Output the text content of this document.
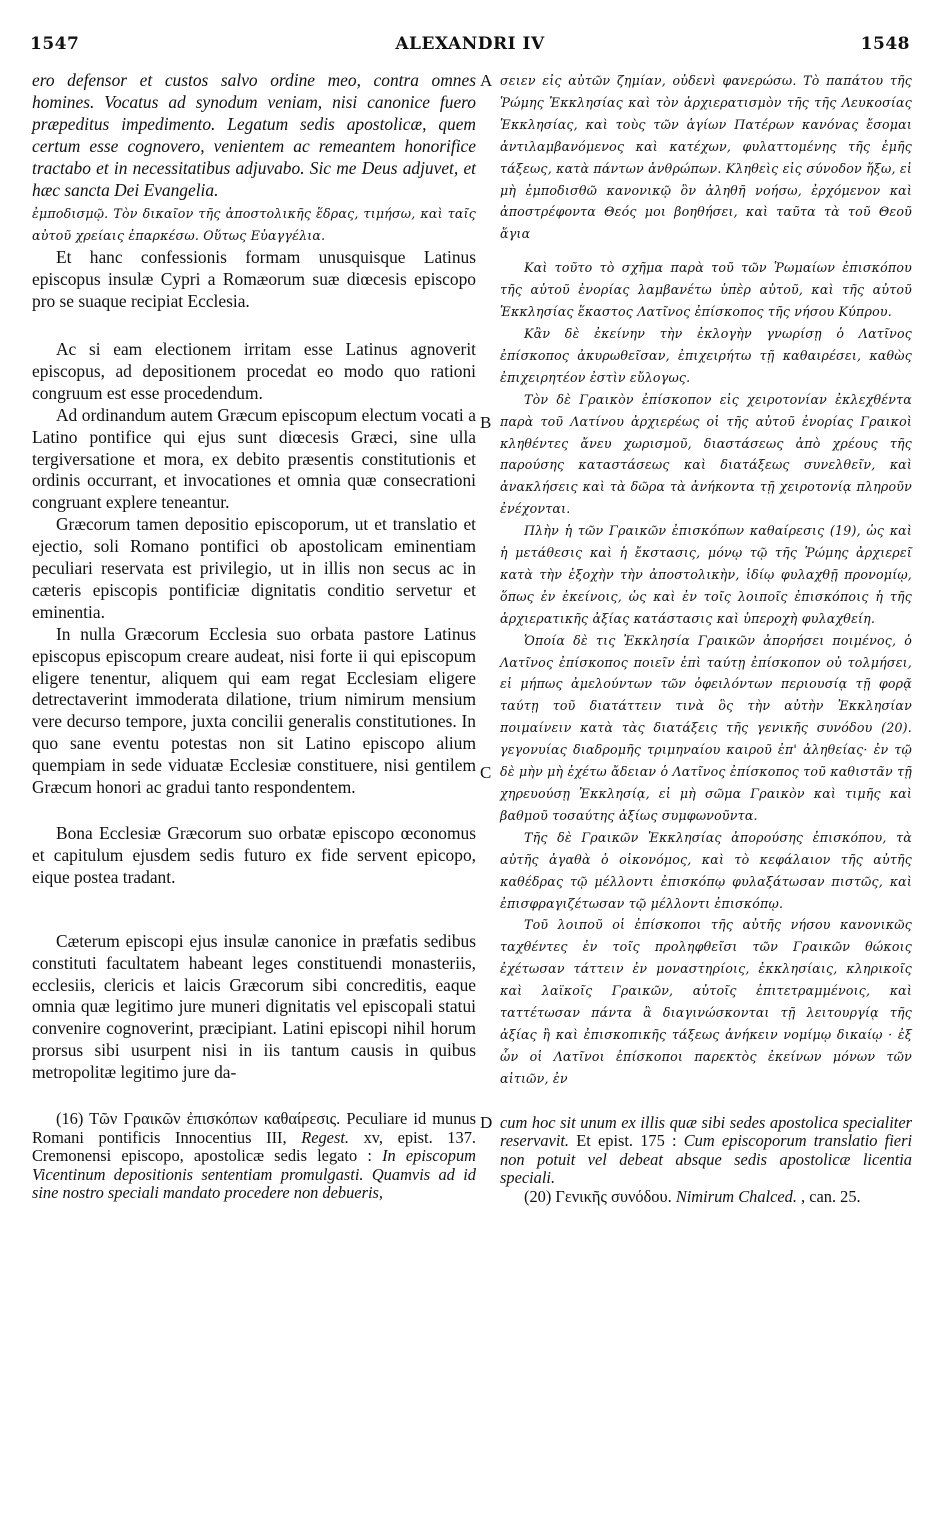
1547	ALEXANDRI IV	1548
A
B
C
D

ero defensor et custos salvo ordine meo, contra omnes homines. Vocatus ad synodum veniam, nisi canonice fuero præpeditus impedimento. Legatum sedis apostolicæ, quem certum esse cognovero, venientem ac remeantem honorifice tractabo et in necessitatibus adjuvabo. Sic me Deus adjuvet, et hæc sancta Dei Evangelia.

ἐμποδισμῷ. Τὸν δικαῖον τῆς ἀποστολικῆς ἕδρας, τιμήσω, καὶ ταῖς αὐτοῦ χρείαις ἐπαρκέσω. Οὕτως Εὐαγγέλια.

Et hanc confessionis formam unusquisque Latinus episcopus insulæ Cypri a Romæorum suæ diœcesis episcopo pro se suaque recipiat Ecclesia.

Ac si eam electionem irritam esse Latinus agnoverit episcopus, ad depositionem procedat eo modo quo rationi congruum est esse procedendum.

Ad ordinandum autem Græcum episcopum electum vocati a Latino pontifice qui ejus sunt diœcesis Græci, sine ulla tergiversatione et mora, ex debito præsentis constitutionis et ordinis occurrant, et invocationes et omnia quæ consecrationi congruant explere teneantur.

Græcorum tamen depositio episcoporum, ut et translatio et ejectio, soli Romano pontifici ob apostolicam eminentiam peculiari reservata est privilegio, ut in illis non secus ac in cæteris episcopis pontificiæ dignitatis conditio servetur et eminentia.

In nulla Græcorum Ecclesia suo orbata pastore Latinus episcopus episcopum creare audeat, nisi forte ii qui episcopum eligere tenentur, aliquem qui eam regat Ecclesiam eligere detrectaverint immoderata dilatione, trium nimirum mensium vere decurso tempore, juxta concilii generalis constitutiones. In quo sane eventu potestas non sit Latino episcopo alium quempiam in sede viduatæ Ecclesiæ constituere, nisi gentilem Græcum honori ac gradui tanto respondentem.

Bona Ecclesiæ Græcorum suo orbatæ episcopo œconomus et capitulum ejusdem sedis futuro ex fide servent epicopo, eique postea tradant.

Cæterum episcopi ejus insulæ canonice in præfatis sedibus constituti facultatem habeant leges constituendi monasteriis, ecclesiis, clericis et laicis Græcorum sibi concreditis, eaque omnia quæ legitimo jure muneri dignitatis vel episcopali statui convenire cognoverint, præcipiant. Latini episcopi nihil horum prorsus sibi usurpent nisi in iis tantum causis in quibus metropolitæ legitimo jure da-

(16) Τῶν Γραικῶν ἐπισκόπων καθαίρεσις. Peculiare id munus Romani pontificis Innocentius III, Regest. xv, epist. 137. Cremonensi episcopo, apostolicæ sedis legato : In episcopum Vicentinum depositionis sententiam promulgasti. Quamvis ad id sine nostro speciali mandato procedere non debueris,

σειεν εἰς αὐτῶν ζημίαν, οὐδενὶ φανερώσω. Τὸ παπάτου τῆς Ῥώμης Ἐκκλησίας καὶ τὸν ἀρχιερατισμὸν τῆς τῆς Λευκοσίας Ἐκκλησίας, καὶ τοὺς τῶν ἁγίων Πατέρων κανόνας ἔσομαι ἀντιλαμβανόμενος καὶ κατέχων, φυλαττομένης τῆς ἐμῆς τάξεως, κατὰ πάντων ἀνθρώπων. Κληθεὶς εἰς σύνοδον ἥξω, εἰ μὴ ἐμποδισθῶ κανονικῷ ὃν ἀληθῆ νοήσω, ἐρχόμενον καὶ ἀποστρέφοντα Θεός μοι βοηθήσει, καὶ ταῦτα τὰ τοῦ Θεοῦ ἅγια

Καὶ τοῦτο τὸ σχῆμα παρὰ τοῦ τῶν Ῥωμαίων ἐπισκόπου τῆς αὐτοῦ ἐνορίας λαμβανέτω ὑπὲρ αὐτοῦ, καὶ τῆς αὐτοῦ Ἐκκλησίας ἕκαστος Λατῖνος ἐπίσκοπος τῆς νήσου Κύπρου.

Κἂν δὲ ἐκείνην τὴν ἐκλογὴν γνωρίσῃ ὁ Λατῖνος ἐπίσκοπος ἀκυρωθεῖσαν, ἐπιχειρήτω τῇ καθαιρέσει, καθὼς ἐπιχειρητέον ἐστὶν εὔλογως.

Τὸν δὲ Γραικὸν ἐπίσκοπον εἰς χειροτονίαν ἐκλεχθέντα παρὰ τοῦ Λατίνου ἀρχιερέως οἱ τῆς αὐτοῦ ἐνορίας Γραικοὶ κληθέντες ἄνευ χωρισμοῦ, διαστάσεως ἀπὸ χρέους τῆς παρούσης καταστάσεως καὶ διατάξεως συνελθεῖν, καὶ ἀνακλήσεις καὶ τὰ δῶρα τὰ ἀνήκοντα τῇ χειροτονίᾳ πληροῦν ἐνέχονται.

Πλὴν ἡ τῶν Γραικῶν ἐπισκόπων καθαίρεσις (19), ὡς καὶ ἡ μετάθεσις καὶ ἡ ἔκστασις, μόνῳ τῷ τῆς Ῥώμης ἀρχιερεῖ κατὰ τὴν ἐξοχὴν τὴν ἀποστολικὴν, ἰδίῳ φυλαχθῇ προνομίῳ, ὅπως ἐν ἐκείνοις, ὡς καὶ ἐν τοῖς λοιποῖς ἐπισκόποις ἡ τῆς ἀρχιερατικῆς ἀξίας κατάστασις καὶ ὑπεροχὴ φυλαχθείη.

Ὁποία δὲ τις Ἐκκλησία Γραικῶν ἀπορήσει ποιμένος, ὁ Λατῖνος ἐπίσκοπος ποιεῖν ἐπὶ ταύτῃ ἐπίσκοπον οὐ τολμήσει, εἰ μήπως ἀμελούντων τῶν ὀφειλόντων περιουσίᾳ τῇ φορᾷ ταύτῃ τοῦ διατάττειν τινὰ ὃς τὴν αὐτὴν Ἐκκλησίαν ποιμαίνειν κατὰ τὰς διατάξεις τῆς γενικῆς συνόδου (20). γεγονυίας διαδρομῆς τριμηναίου καιροῦ ἐπ' ἀληθείας· ἐν τῷ δὲ μὴν μὴ ἐχέτω ἄδειαν ὁ Λατῖνος ἐπίσκοπος τοῦ καθιστᾶν τῇ χηρευούσῃ Ἐκκλησίᾳ, εἰ μὴ σῶμα Γραικὸν καὶ τιμῆς καὶ βαθμοῦ τοσαύτης ἀξίως συμφωνοῦντα.

Τῆς δὲ Γραικῶν Ἐκκλησίας ἀπορούσης ἐπισκόπου, τὰ αὐτῆς ἀγαθὰ ὁ οἰκονόμος, καὶ τὸ κεφάλαιον τῆς αὐτῆς καθέδρας τῷ μέλλοντι ἐπισκόπῳ φυλαξάτωσαν πιστῶς, καὶ ἐπισφραγιζέτωσαν τῷ μέλλοντι ἐπισκόπῳ.

Τοῦ λοιποῦ οἱ ἐπίσκοποι τῆς αὐτῆς νήσου κανονικῶς ταχθέντες ἐν τοῖς προληφθεῖσι τῶν Γραικῶν θώκοις ἐχέτωσαν τάττειν ἐν μοναστηρίοις, ἐκκλησίαις, κληρικοῖς καὶ λαϊκοῖς Γραικῶν, αὐτοῖς ἐπιτετραμμένοις, καὶ ταττέτωσαν πάντα ἃ διαγινώσκονται τῇ λειτουργίᾳ τῆς ἀξίας ἢ καὶ ἐπισκοπικῆς τάξεως ἀνήκειν νομίμῳ δικαίῳ · ἐξ ὧν οἱ Λατῖνοι ἐπίσκοποι παρεκτὸς ἐκείνων μόνων τῶν αἰτιῶν, ἐν

cum hoc sit unum ex illis quæ sibi sedes apostolica specialiter reservavit. Et epist. 175 : Cum episcoporum translatio fieri non potuit vel debeat absque sedis apostolicæ licentia speciali.

(20) Γενικῆς συνόδου. Nimirum Chalced. , can. 25.
